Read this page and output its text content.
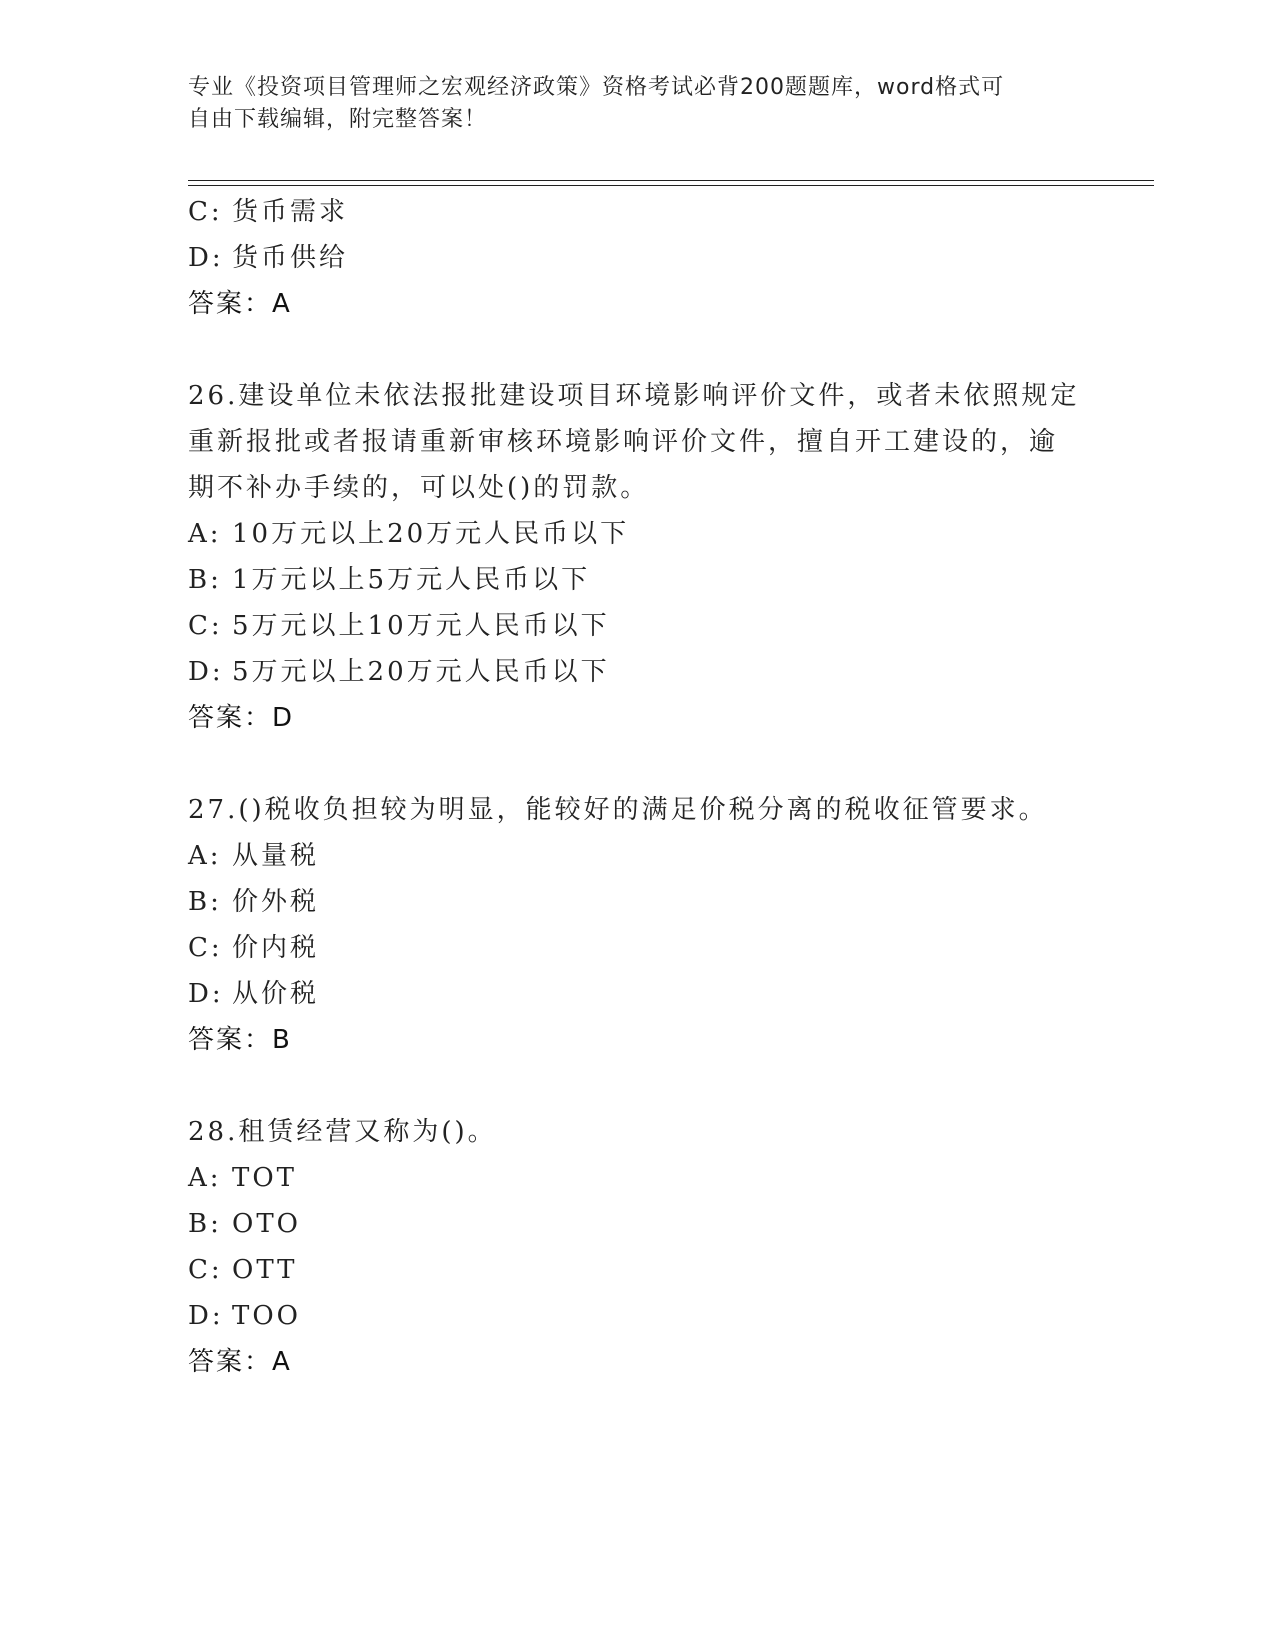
专业《投资项目管理师之宏观经济政策》资格考试必背200题题库，word格式可
自由下载编辑，附完整答案！
C: 货币需求
D: 货币供给
答案：A
26.建设单位未依法报批建设项目环境影响评价文件，或者未依照规定
重新报批或者报请重新审核环境影响评价文件，擅自开工建设的，逾
期不补办手续的，可以处()的罚款。
A: 10万元以上20万元人民币以下
B: 1万元以上5万元人民币以下
C: 5万元以上10万元人民币以下
D: 5万元以上20万元人民币以下
答案：D
27.()税收负担较为明显，能较好的满足价税分离的税收征管要求。
A: 从量税
B: 价外税
C: 价内税
D: 从价税
答案：B
28.租赁经营又称为()。
A: TOT
B: OTO
C: OTT
D: TOO
答案：A
